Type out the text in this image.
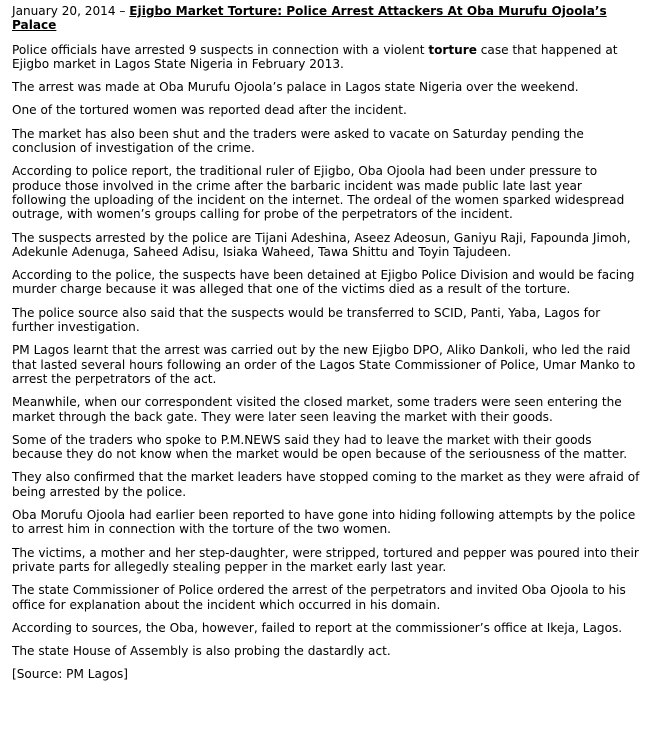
January 20, 2014 – Ejigbo Market Torture: Police Arrest Attackers At Oba Murufu Ojoola’s Palace

Police officials have arrested 9 suspects in connection with a violent torture case that happened at Ejigbo market in Lagos State Nigeria in February 2013.

The arrest was made at Oba Murufu Ojoola’s palace in Lagos state Nigeria over the weekend.

One of the tortured women was reported dead after the incident.

The market has also been shut and the traders were asked to vacate on Saturday pending the conclusion of investigation of the crime.

According to police report, the traditional ruler of Ejigbo, Oba Ojoola had been under pressure to produce those involved in the crime after the barbaric incident was made public late last year following the uploading of the incident on the internet. The ordeal of the women sparked widespread outrage, with women’s groups calling for probe of the perpetrators of the incident.

The suspects arrested by the police are Tijani Adeshina, Aseez Adeosun, Ganiyu Raji, Fapounda Jimoh, Adekunle Adenuga, Saheed Adisu, Isiaka Waheed, Tawa Shittu and Toyin Tajudeen.

According to the police, the suspects have been detained at Ejigbo Police Division and would be facing murder charge because it was alleged that one of the victims died as a result of the torture.

The police source also said that the suspects would be transferred to SCID, Panti, Yaba, Lagos for further investigation.

PM Lagos learnt that the arrest was carried out by the new Ejigbo DPO, Aliko Dankoli, who led the raid that lasted several hours following an order of the Lagos State Commissioner of Police, Umar Manko to arrest the perpetrators of the act.

Meanwhile, when our correspondent visited the closed market, some traders were seen entering the market through the back gate. They were later seen leaving the market with their goods.

Some of the traders who spoke to P.M.NEWS said they had to leave the market with their goods because they do not know when the market would be open because of the seriousness of the matter.

They also confirmed that the market leaders have stopped coming to the market as they were afraid of being arrested by the police.

Oba Morufu Ojoola had earlier been reported to have gone into hiding following attempts by the police to arrest him in connection with the torture of the two women.

The victims, a mother and her step-daughter, were stripped, tortured and pepper was poured into their private parts for allegedly stealing pepper in the market early last year.

The state Commissioner of Police ordered the arrest of the perpetrators and invited Oba Ojoola to his office for explanation about the incident which occurred in his domain.

According to sources, the Oba, however, failed to report at the commissioner’s office at Ikeja, Lagos.

The state House of Assembly is also probing the dastardly act.

[Source: PM Lagos]
